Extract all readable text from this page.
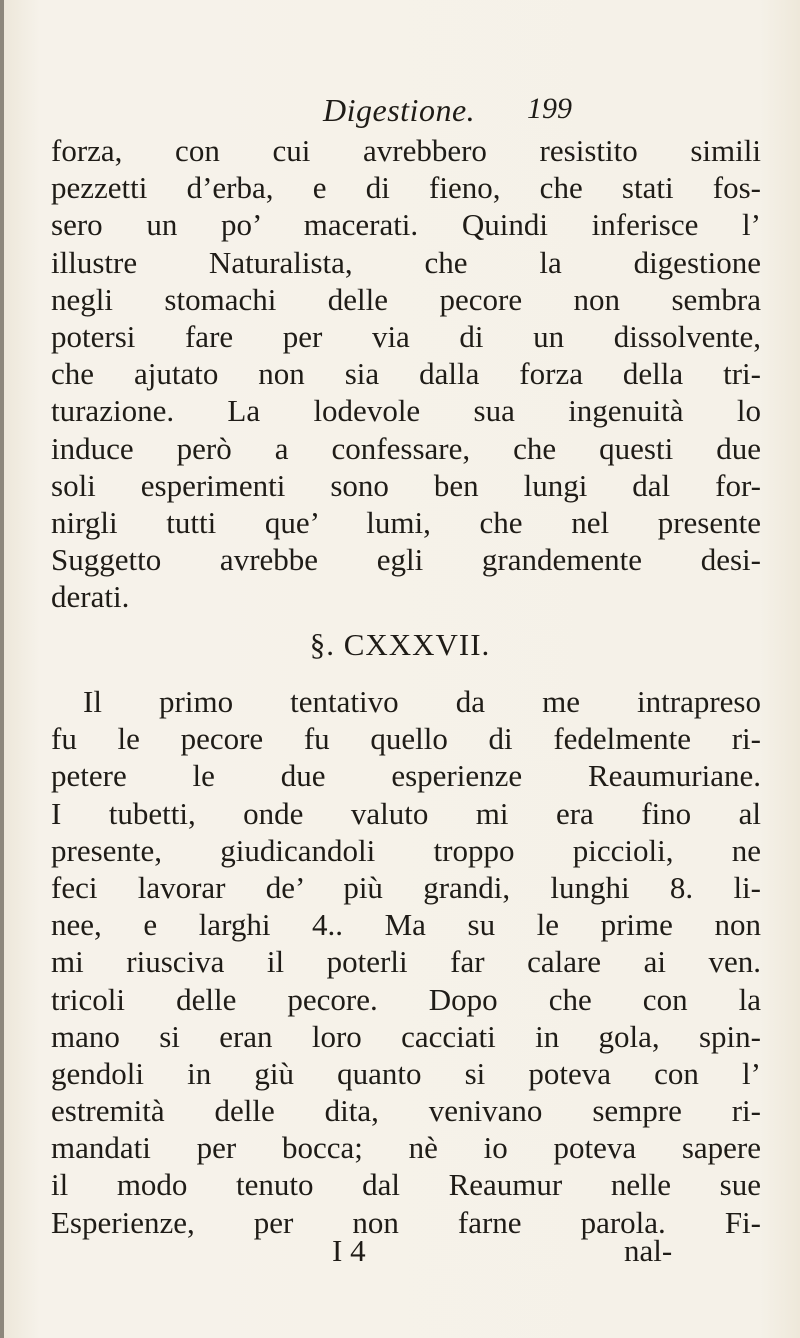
Digestione. 199
forza, con cui avrebbero resistito simili
pezzetti d’erba, e di fieno, che stati fos-
sero un po’ macerati. Quindi inferisce l’
illustre Naturalista, che la digestione
negli stomachi delle pecore non sembra
potersi fare per via di un dissolvente,
che ajutato non sia dalla forza della tri-
turazione. La lodevole sua ingenuità lo
induce però a confessare, che questi due
soli esperimenti sono ben lungi dal for-
nirgli tutti que’ lumi, che nel presente
Suggetto avrebbe egli grandemente desi-
derati.
§. CXXXVII.
Il primo tentativo da me intrapreso
fu le pecore fu quello di fedelmente ri-
petere le due esperienze Reaumuriane.
I tubetti, onde valuto mi era fino al
presente, giudicandoli troppo piccioli, ne
feci lavorar de’ più grandi, lunghi 8. li-
nee, e larghi 4.. Ma su le prime non
mi riusciva il poterli far calare ai ven.
tricoli delle pecore. Dopo che con la
mano si eran loro cacciati in gola, spin-
gendoli in giù quanto si poteva con l’
estremità delle dita, venivano sempre ri-
mandati per bocca; nè io poteva sapere
il modo tenuto dal Reaumur nelle sue
Esperienze, per non farne parola. Fi-
I 4	nal-
